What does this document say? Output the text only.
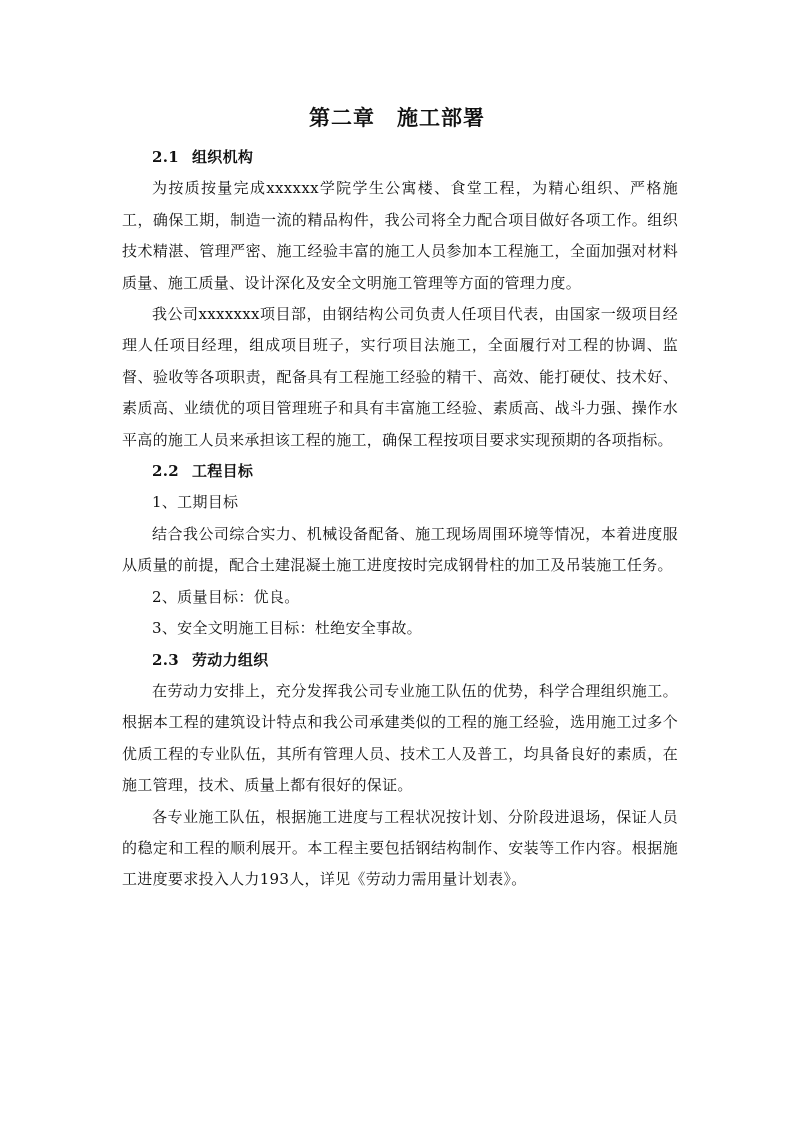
第二章　施工部署
2.1 组织机构

为按质按量完成xxxxxx学院学生公寓楼、食堂工程，为精心组织、严格施工，确保工期，制造一流的精品构件，我公司将全力配合项目做好各项工作。组织技术精湛、管理严密、施工经验丰富的施工人员参加本工程施工，全面加强对材料质量、施工质量、设计深化及安全文明施工管理等方面的管理力度。

我公司xxxxxxx项目部，由钢结构公司负责人任项目代表，由国家一级项目经理人任项目经理，组成项目班子，实行项目法施工，全面履行对工程的协调、监督、验收等各项职责，配备具有工程施工经验的精干、高效、能打硬仗、技术好、素质高、业绩优的项目管理班子和具有丰富施工经验、素质高、战斗力强、操作水平高的施工人员来承担该工程的施工，确保工程按项目要求实现预期的各项指标。

2.2 工程目标

1、工期目标

结合我公司综合实力、机械设备配备、施工现场周围环境等情况，本着进度服从质量的前提，配合土建混凝土施工进度按时完成钢骨柱的加工及吊装施工任务。

2、质量目标：优良。

3、安全文明施工目标：杜绝安全事故。

2.3 劳动力组织

在劳动力安排上，充分发挥我公司专业施工队伍的优势，科学合理组织施工。根据本工程的建筑设计特点和我公司承建类似的工程的施工经验，选用施工过多个优质工程的专业队伍，其所有管理人员、技术工人及普工，均具备良好的素质，在施工管理，技术、质量上都有很好的保证。

各专业施工队伍，根据施工进度与工程状况按计划、分阶段进退场，保证人员的稳定和工程的顺利展开。本工程主要包括钢结构制作、安装等工作内容。根据施工进度要求投入人力193人，详见《劳动力需用量计划表》。
